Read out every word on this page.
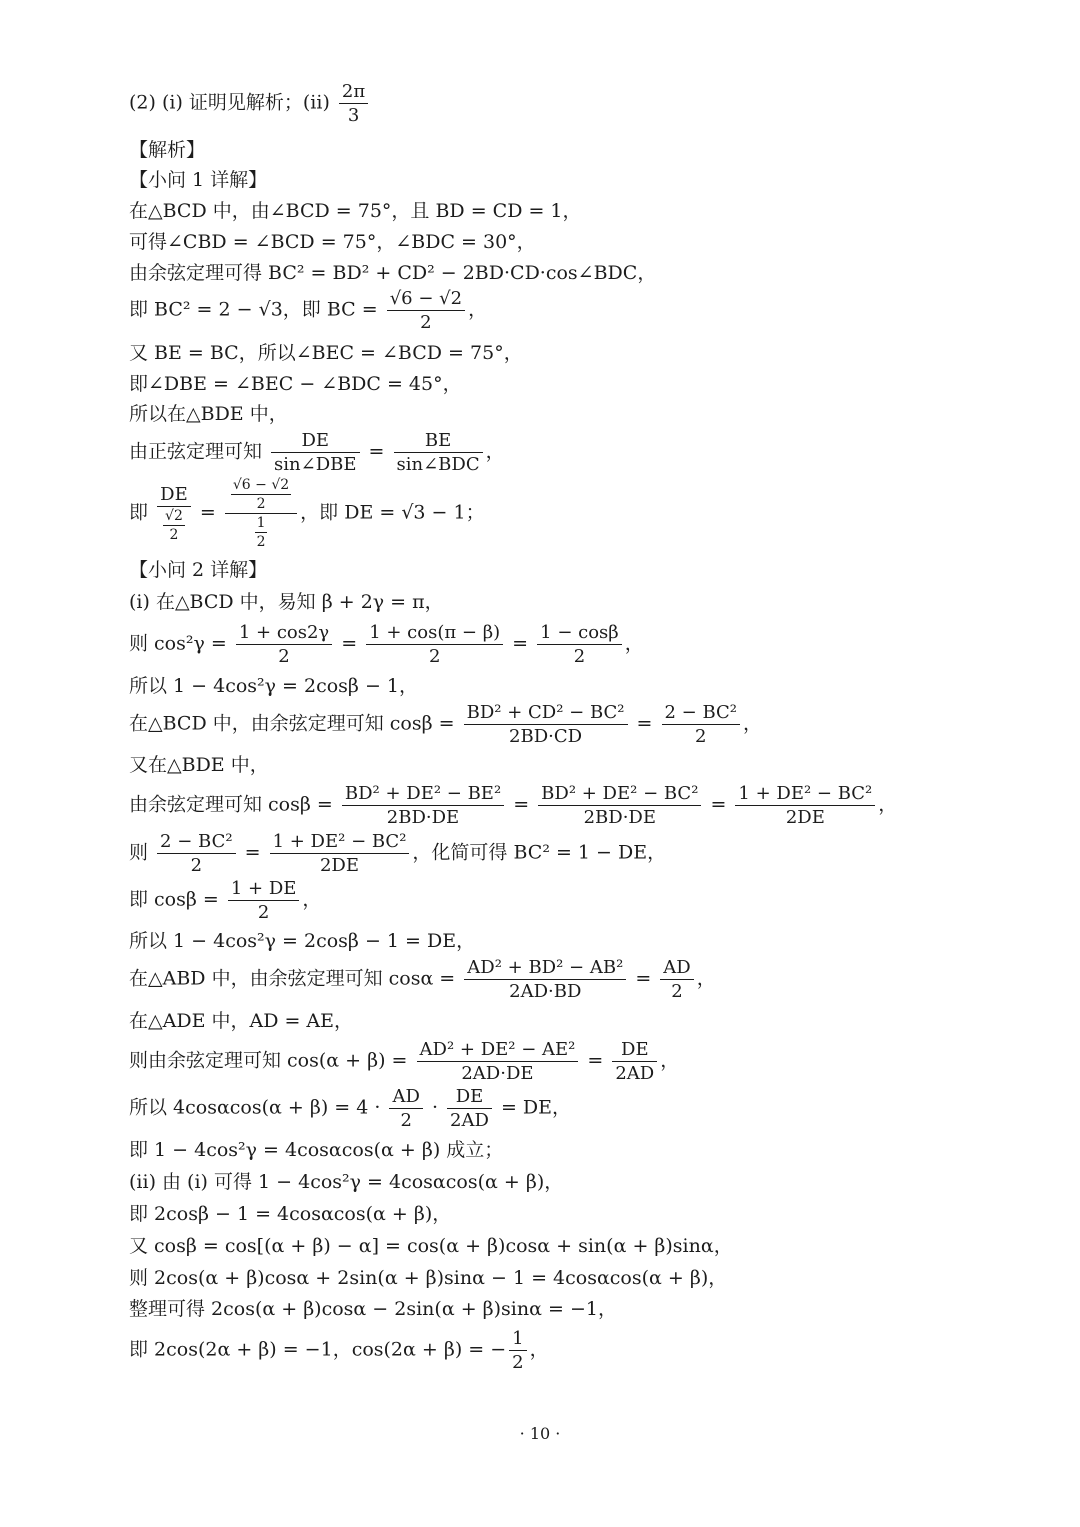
(2) (i) 证明见解析；$(ii) \frac{2\pi}{3}$
【解析】
【小问 1 详解】
在△BCD 中，由∠BCD = 75°，且 BD = CD = 1，
可得∠CBD = ∠BCD = 75°，∠BDC = 30°，
由余弦定理可得 BC² = BD² + CD² − 2BD·CD·cos∠BDC，
即 BC² = 2 − √3，即 BC = $\frac{√6 - √2}{2}$ ，
又 BE = BC，所以∠BEC = ∠BCD = 75°，
即∠DBE = ∠BEC − ∠BDC = 45°，
所以在△BDE 中，
由正弦定理可知 $\frac{DE}{\text{sin∠DBE}} = \frac{BE}{\text{sin∠BDC}}$ ，
即 $\frac{DE}{\frac{√2}{2}} = \frac{\frac{√6 - √2}{2}}{\frac{1}{2}}$ ，即 DE = √3 − 1；
【小问 2 详解】
(i) 在△BCD 中，易知 β + 2γ = π，
则 $\cos^2\gamma = \frac{1 + \cos 2\gamma}{2} = \frac{1 + \cos(\pi - \beta)}{2} = \frac{1 - \cos\beta}{2}$ ，
所以 1 − 4cos²γ = 2cosβ − 1，
在△BCD 中，由余弦定理可知 $\cos\beta = \frac{\text{BD² + CD² − BC²}}{2BD\cdot CD} = \frac{\text{2 − BC²}}{2}$ ，
又在△BDE 中，
由余弦定理可知 $\cos\beta = \frac{\text{BD² + DE² − BE²}}{2BD\cdot DE} = \frac{\text{BD² + DE² − BC²}}{2BD\cdot DE} = \frac{\text{1 + DE² − BC²}}{2DE}$ ，
则 $\frac{\text{2 − BC²}}{2} = \frac{\text{1 + DE² − BC²}}{2DE}$ ，化简可得 BC² = 1 − DE，
即 $\cos\beta = \frac{1 + DE}{2}$ ，
所以 1 − 4cos²γ = 2cosβ − 1 = DE，
在△ABD 中，由余弦定理可知 $\cos\alpha = \frac{\text{AD² + BD² − AB²}}{2AD\cdot BD} = \frac{AD}{2}$ ，
在△ADE 中，AD = AE，
则由余弦定理可知 $\cos(\alpha + \beta) = \frac{\text{AD² + DE² − AE²}}{2AD\cdot DE} = \frac{DE}{2AD}$ ，
所以 $4\cos\alpha\cos(\alpha + \beta) = 4 \cdot \frac{AD}{2} \cdot \frac{DE}{2AD}$ = DE，
即 1 − 4cos²γ = 4cosαcos(α + β) 成立；
(ii) 由 (i) 可得 1 − 4cos²γ = 4cosαcos(α + β)，
即 2cosβ − 1 = 4cosαcos(α + β)，
又 cosβ = cos[(α + β) − α] = cos(α + β)cosα + sin(α + β)sinα，
则 2cos(α + β)cosα + 2sin(α + β)sinα − 1 = 4cosαcos(α + β)，
整理可得 2cos(α + β)cosα − 2sin(α + β)sinα = −1，
即 2cos(2α + β) = −1，cos(2α + β) = − $\frac{1}{2}$ ，
· 10 ·
